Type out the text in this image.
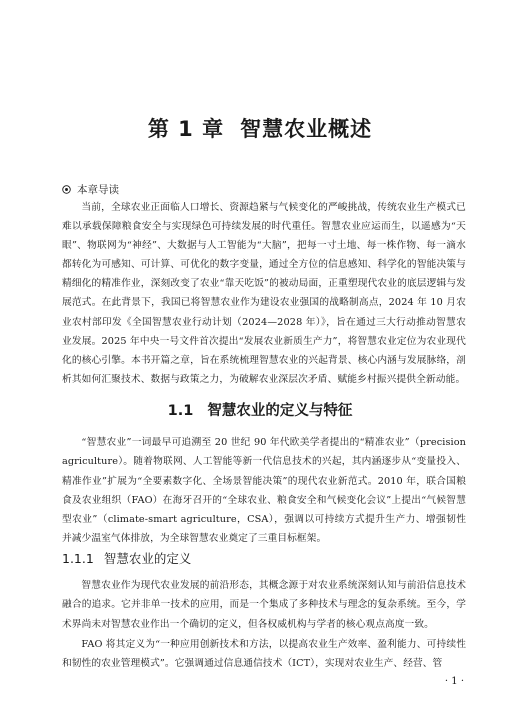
第 1 章 智慧农业概述
本章导读

当前，全球农业正面临人口增长、资源趋紧与气候变化的严峻挑战，传统农业生产模式已难以承载保障粮食安全与实现绿色可持续发展的时代重任。智慧农业应运而生，以遥感为“天眼”、物联网为“神经”、大数据与人工智能为“大脑”，把每一寸土地、每一株作物、每一滴水都转化为可感知、可计算、可优化的数字变量，通过全方位的信息感知、科学化的智能决策与精细化的精准作业，深刻改变了农业“靠天吃饭”的被动局面，正重塑现代农业的底层逻辑与发展范式。在此背景下，我国已将智慧农业作为建设农业强国的战略制高点，2024 年 10 月农业农村部印发《全国智慧农业行动计划（2024—2028 年）》，旨在通过三大行动推动智慧农业发展。2025 年中央一号文件首次提出“发展农业新质生产力”，将智慧农业定位为农业现代化的核心引擎。本书开篇之章，旨在系统梳理智慧农业的兴起背景、核心内涵与发展脉络，剖析其如何汇聚技术、数据与政策之力，为破解农业深层次矛盾、赋能乡村振兴提供全新动能。

1.1 智慧农业的定义与特征

“智慧农业”一词最早可追溯至 20 世纪 90 年代欧美学者提出的“精准农业”（precision agriculture）。随着物联网、人工智能等新一代信息技术的兴起，其内涵逐步从“变量投入、精准作业”扩展为“全要素数字化、全场景智能决策”的现代农业新范式。2010 年，联合国粮食及农业组织（FAO）在海牙召开的“全球农业、粮食安全和气候变化会议”上提出“气候智慧型农业”（climate-smart agriculture，CSA），强调以可持续方式提升生产力、增强韧性并减少温室气体排放，为全球智慧农业奠定了三重目标框架。

1.1.1 智慧农业的定义

智慧农业作为现代农业发展的前沿形态，其概念源于对农业系统深刻认知与前沿信息技术融合的追求。它并非单一技术的应用，而是一个集成了多种技术与理念的复杂系统。至今，学术界尚未对智慧农业作出一个确切的定义，但各权威机构与学者的核心观点高度一致。

FAO 将其定义为“一种应用创新技术和方法，以提高农业生产效率、盈利能力、可持续性和韧性的农业管理模式”。它强调通过信息通信技术（ICT），实现对农业生产、经营、管

· 1 ·
